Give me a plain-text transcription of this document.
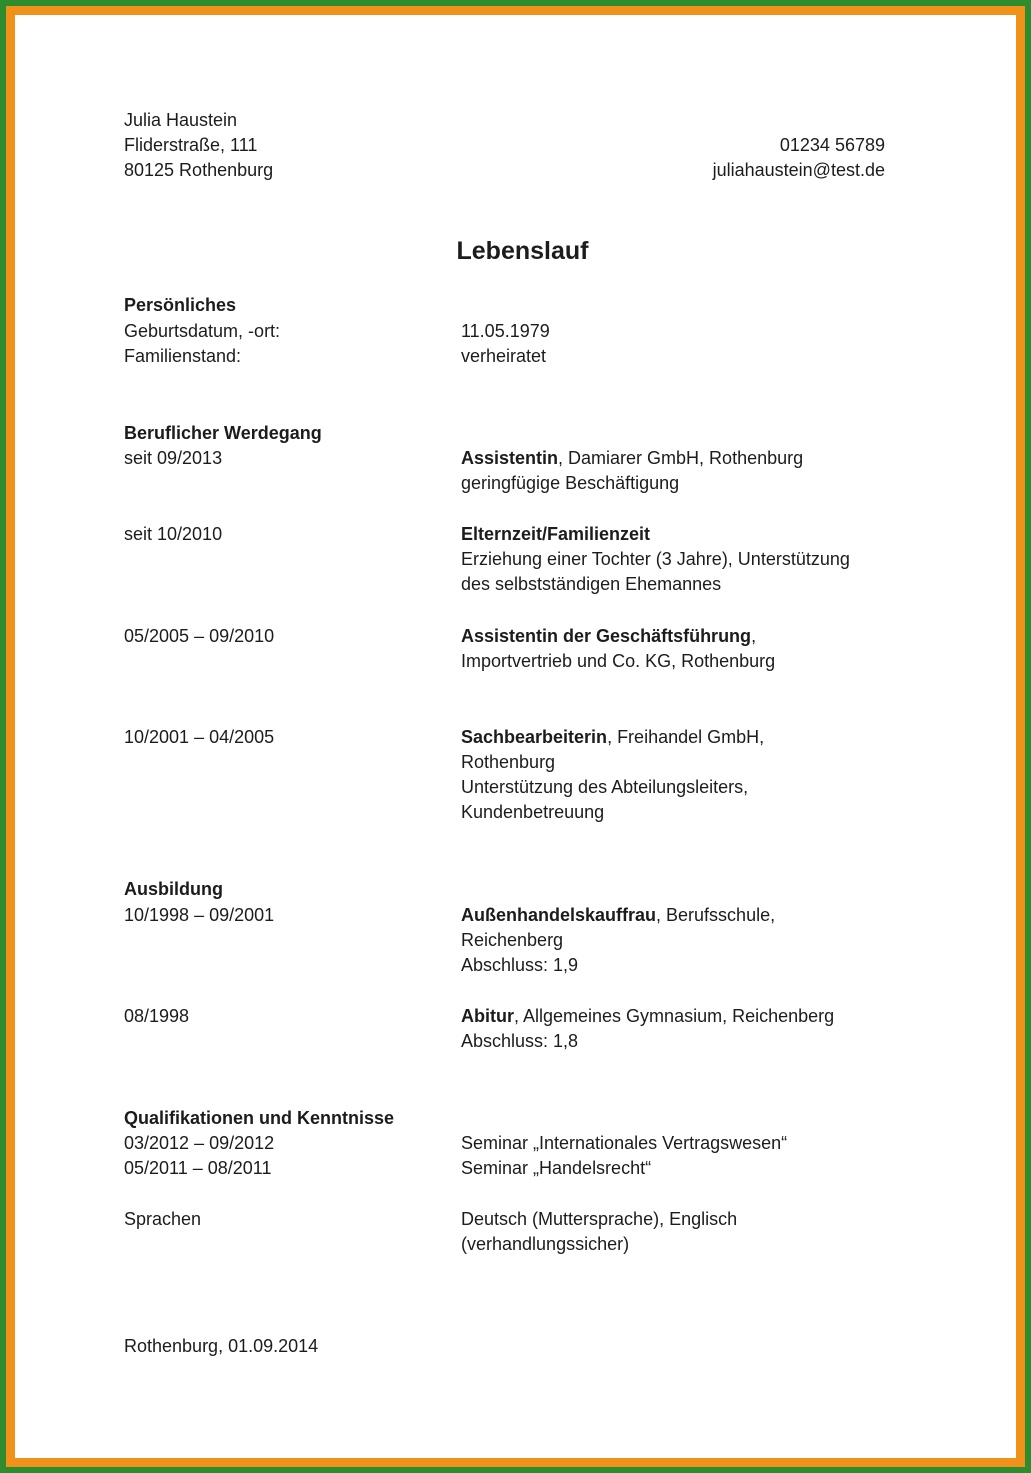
Julia Haustein
Fliderstraße, 111
80125 Rothenburg
01234 56789
juliahaustein@test.de
Lebenslauf
Persönliches
Geburtsdatum, -ort:	11.05.1979
Familienstand:	verheiratet
Beruflicher Werdegang
seit 09/2013	Assistentin, Damiarer GmbH, Rothenburg
geringfügige Beschäftigung
seit 10/2010	Elternzeit/Familienzeit
Erziehung einer Tochter (3 Jahre), Unterstützung
des selbstständigen Ehemannes
05/2005 – 09/2010	Assistentin der Geschäftsführung,
Importvertrieb und Co. KG, Rothenburg
10/2001 – 04/2005	Sachbearbeiterin, Freihandel GmbH,
Rothenburg
Unterstützung des Abteilungsleiters,
Kundenbetreuung
Ausbildung
10/1998 – 09/2001	Außenhandelskauffrau, Berufsschule,
Reichenberg
Abschluss: 1,9
08/1998	Abitur, Allgemeines Gymnasium, Reichenberg
Abschluss: 1,8
Qualifikationen und Kenntnisse
03/2012 – 09/2012	Seminar „Internationales Vertragswesen“
05/2011 – 08/2011	Seminar „Handelsrecht“
Sprachen	Deutsch (Muttersprache), Englisch
(verhandlungssicher)
Rothenburg, 01.09.2014
